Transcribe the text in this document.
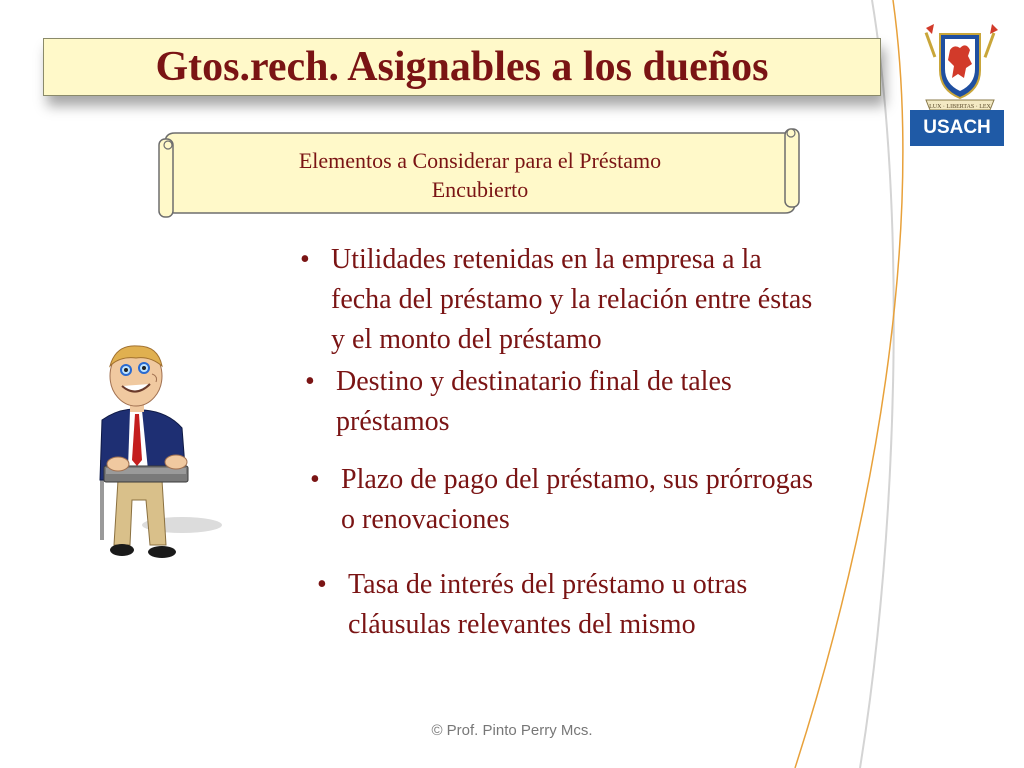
Gtos.rech. Asignables a los dueños
Elementos a Considerar para el Préstamo
Encubierto
• Utilidades retenidas en la empresa a la
fecha del préstamo y la relación entre éstas
y el monto del préstamo
• Destino y destinatario final de tales
préstamos
• Plazo de pago del préstamo, sus prórrogas
o renovaciones
• Tasa de interés del préstamo u otras
cláusulas relevantes del mismo
LUX · LIBERTAS · LEX
USACH
© Prof. Pinto Perry Mcs.
